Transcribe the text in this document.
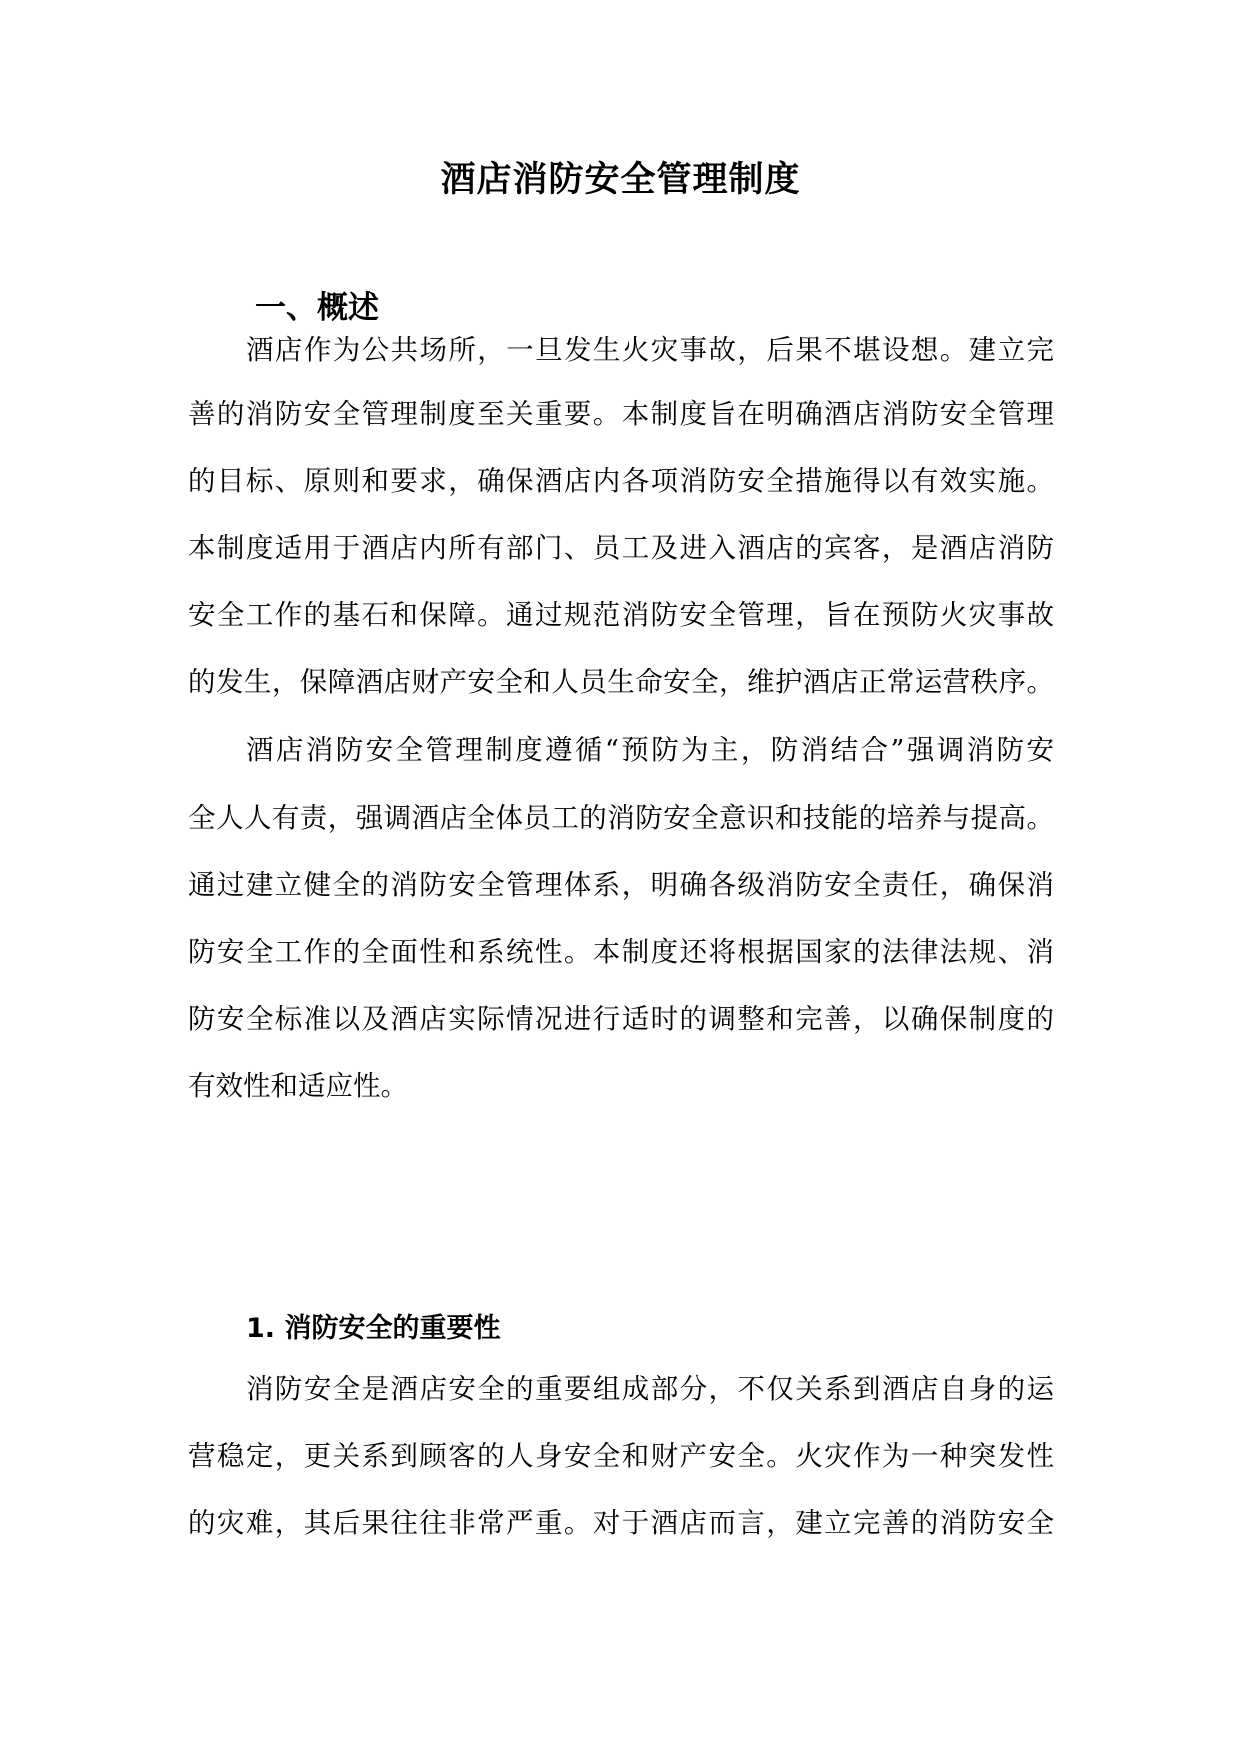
酒店消防安全管理制度
一、概述
酒店作为公共场所，一旦发生火灾事故，后果不堪设想。建立完
善的消防安全管理制度至关重要。本制度旨在明确酒店消防安全管理
的目标、原则和要求，确保酒店内各项消防安全措施得以有效实施。
本制度适用于酒店内所有部门、员工及进入酒店的宾客，是酒店消防
安全工作的基石和保障。通过规范消防安全管理，旨在预防火灾事故
的发生，保障酒店财产安全和人员生命安全，维护酒店正常运营秩序。
酒店消防安全管理制度遵循“预防为主，防消结合”强调消防安
全人人有责，强调酒店全体员工的消防安全意识和技能的培养与提高。
通过建立健全的消防安全管理体系，明确各级消防安全责任，确保消
防安全工作的全面性和系统性。本制度还将根据国家的法律法规、消
防安全标准以及酒店实际情况进行适时的调整和完善，以确保制度的
有效性和适应性。
1. 消防安全的重要性
消防安全是酒店安全的重要组成部分，不仅关系到酒店自身的运
营稳定，更关系到顾客的人身安全和财产安全。火灾作为一种突发性
的灾难，其后果往往非常严重。对于酒店而言，建立完善的消防安全
